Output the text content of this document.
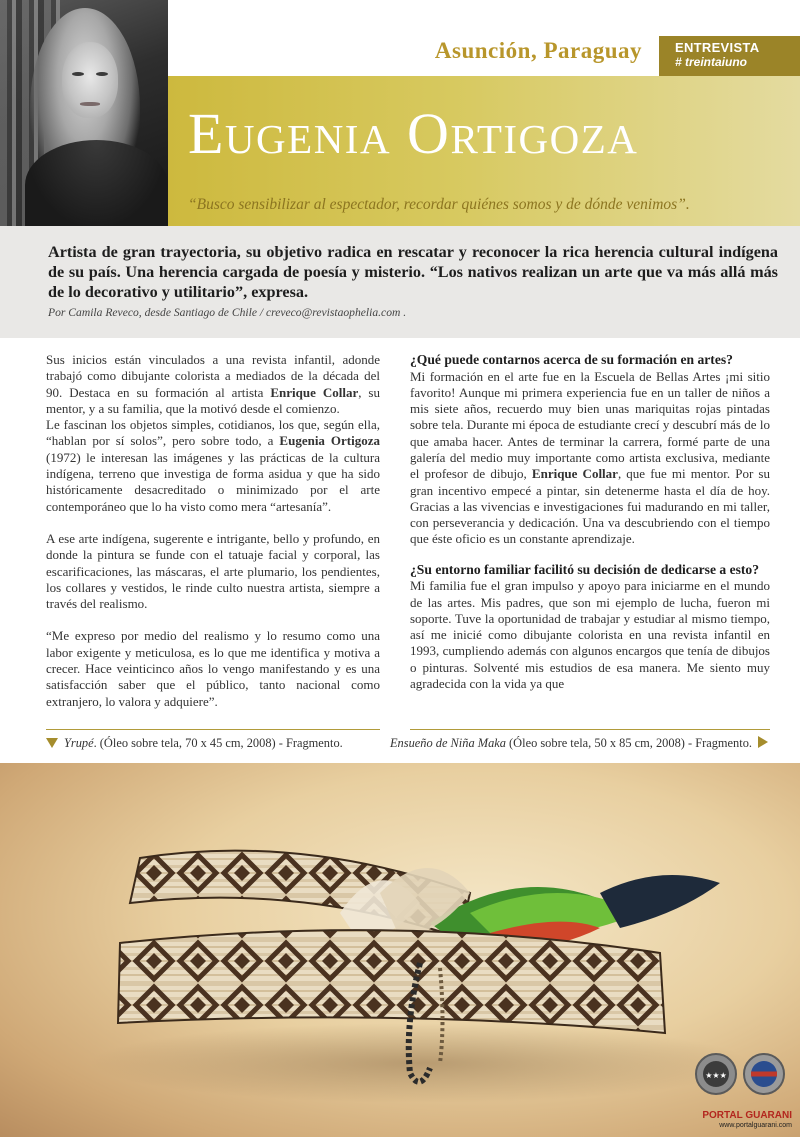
Asunción, Paraguay	ENTREVISTA
# treintaiuno
Eugenia Ortigoza
“Busco sensibilizar al espectador, recordar quiénes somos y de dónde venimos”.

Artista de gran trayectoria, su objetivo radica en rescatar y reconocer la rica herencia cultural indígena de su país. Una herencia cargada de poesía y misterio. “Los nativos realizan un arte que va más allá más de lo decorativo y utilitario”, expresa.

Por Camila Reveco, desde Santiago de Chile / creveco@revistaophelia.com .

Sus inicios están vinculados a una revista infantil, adonde trabajó como dibujante colorista a mediados de la década del 90. Destaca en su formación al artista Enrique Collar, su mentor, y a su familia, que la motivó desde el comienzo.

Le fascinan los objetos simples, cotidianos, los que, según ella, “hablan por sí solos”, pero sobre todo, a Eugenia Ortigoza (1972) le interesan las imágenes y las prácticas de la cultura indígena, terreno que investiga de forma asidua y que ha sido históricamente desacreditado o minimizado por el arte contemporáneo que lo ha visto como mera “artesanía”.

A ese arte indígena, sugerente e intrigante, bello y profundo, en donde la pintura se funde con el tatuaje facial y corporal, las escarificaciones, las máscaras, el arte plumario, los pendientes, los collares y vestidos, le rinde culto nuestra artista, siempre a través del realismo.

“Me expreso por medio del realismo y lo resumo como una labor exigente y meticulosa, es lo que me identifica y motiva a crecer. Hace veinticinco años lo vengo manifestando y es una satisfacción saber que el público, tanto nacional como extranjero, lo valora y adquiere”.

¿Qué puede contarnos acerca de su formación en artes?

Mi formación en el arte fue en la Escuela de Bellas Artes ¡mi sitio favorito! Aunque mi primera experiencia fue en un taller de niños a mis siete años, recuerdo muy bien unas mariquitas rojas pintadas sobre tela. Durante mi época de estudiante crecí y descubrí más de lo que amaba hacer. Antes de terminar la carrera, formé parte de una galería del medio muy importante como artista exclusiva, mediante el profesor de dibujo, Enrique Collar, que fue mi mentor. Por su gran incentivo empecé a pintar, sin detenerme hasta el día de hoy. Gracias a las vivencias e investigaciones fui madurando en mi taller, con perseverancia y dedicación. Una va descubriendo con el tiempo que éste oficio es un constante aprendizaje.

¿Su entorno familiar facilitó su decisión de dedicarse a esto?

Mi familia fue el gran impulso y apoyo para iniciarme en el mundo de las artes. Mis padres, que son mi ejemplo de lucha, fueron mi soporte. Tuve la oportunidad de trabajar y estudiar al mismo tiempo, así me inicié como dibujante colorista en una revista infantil en 1993, cumpliendo además con algunos encargos que tenía de dibujos o pinturas. Solventé mis estudios de esa manera. Me siento muy agradecida con la vida ya que

Yrupé. (Óleo sobre tela, 70 x 45 cm, 2008) - Fragmento.	Ensueño de Niña Maka (Óleo sobre tela, 50 x 85 cm, 2008) - Fragmento.
★★★
PORTAL GUARANI
www.portalguarani.com
